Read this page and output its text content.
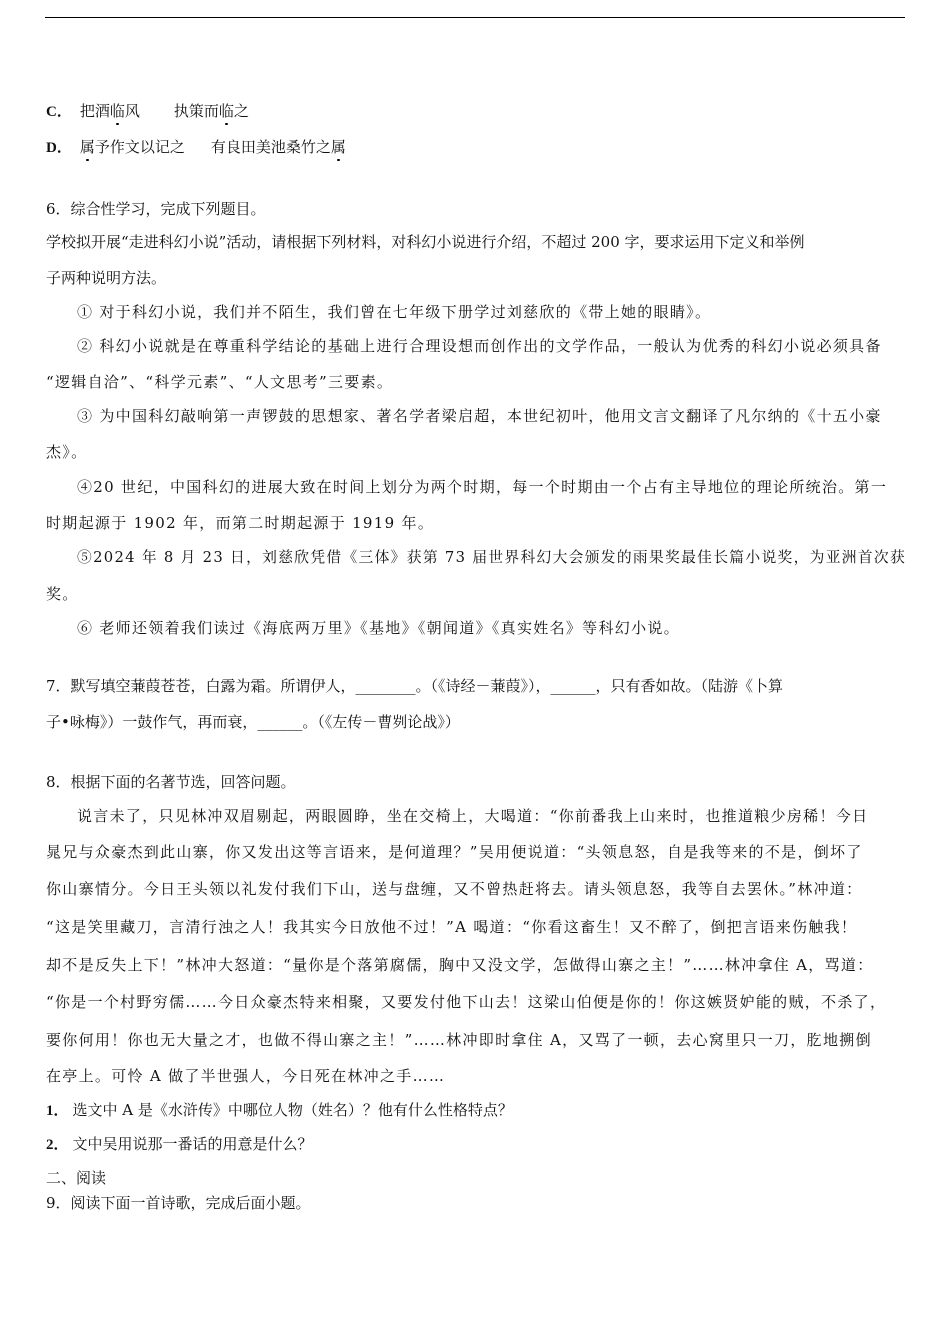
C． 把酒临风 执策而临之
D． 属予作文以记之 有良田美池桑竹之属
6．综合性学习，完成下列题目。
学校拟开展“走进科幻小说”活动，请根据下列材料，对科幻小说进行介绍，不超过 200 字，要求运用下定义和举例
子两种说明方法。
① 对于科幻小说，我们并不陌生，我们曾在七年级下册学过刘慈欣的《带上她的眼睛》。
② 科幻小说就是在尊重科学结论的基础上进行合理设想而创作出的文学作品，一般认为优秀的科幻小说必须具备
“逻辑自洽”、“科学元素”、“人文思考”三要素。
③ 为中国科幻敲响第一声锣鼓的思想家、著名学者梁启超，本世纪初叶，他用文言文翻译了凡尔纳的《十五小豪
杰》。
④20 世纪，中国科幻的进展大致在时间上划分为两个时期，每一个时期由一个占有主导地位的理论所统治。第一
时期起源于 1902 年，而第二时期起源于 1919 年。
⑤2024 年 8 月 23 日，刘慈欣凭借《三体》获第 73 届世界科幻大会颁发的雨果奖最佳长篇小说奖，为亚洲首次获
奖。
⑥ 老师还领着我们读过《海底两万里》《基地》《朝闻道》《真实姓名》等科幻小说。
7．默写填空蒹葭苍苍，白露为霜。所谓伊人，________。（《诗经－蒹葭》），______，只有香如故。（陆游《卜算
子•咏梅》）一鼓作气，再而衰，______。（《左传－曹刿论战》）
8．根据下面的名著节选，回答问题。
说言未了，只见林冲双眉剔起，两眼圆睁，坐在交椅上，大喝道：“你前番我上山来时，也推道粮少房稀！今日
晁兄与众豪杰到此山寨，你又发出这等言语来，是何道理？”吴用便说道：“头领息怒，自是我等来的不是，倒坏了
你山寨情分。今日王头领以礼发付我们下山，送与盘缠，又不曾热赶将去。请头领息怒，我等自去罢休。”林冲道：
“这是笑里藏刀，言清行浊之人！我其实今日放他不过！”A 喝道：“你看这畜生！又不醉了，倒把言语来伤触我！
却不是反失上下！”林冲大怒道：“量你是个落第腐儒，胸中又没文学，怎做得山寨之主！”……林冲拿住 A，骂道：
“你是一个村野穷儒……今日众豪杰特来相聚，又要发付他下山去！这梁山伯便是你的！你这嫉贤妒能的贼，不杀了，
要你何用！你也无大量之才，也做不得山寨之主！”……林冲即时拿住 A，又骂了一顿，去心窝里只一刀，肐地搠倒
在亭上。可怜 A 做了半世强人，今日死在林冲之手……
1． 选文中 A 是《水浒传》中哪位人物（姓名）？他有什么性格特点？
2． 文中吴用说那一番话的用意是什么？
二、阅读
9．阅读下面一首诗歌，完成后面小题。
